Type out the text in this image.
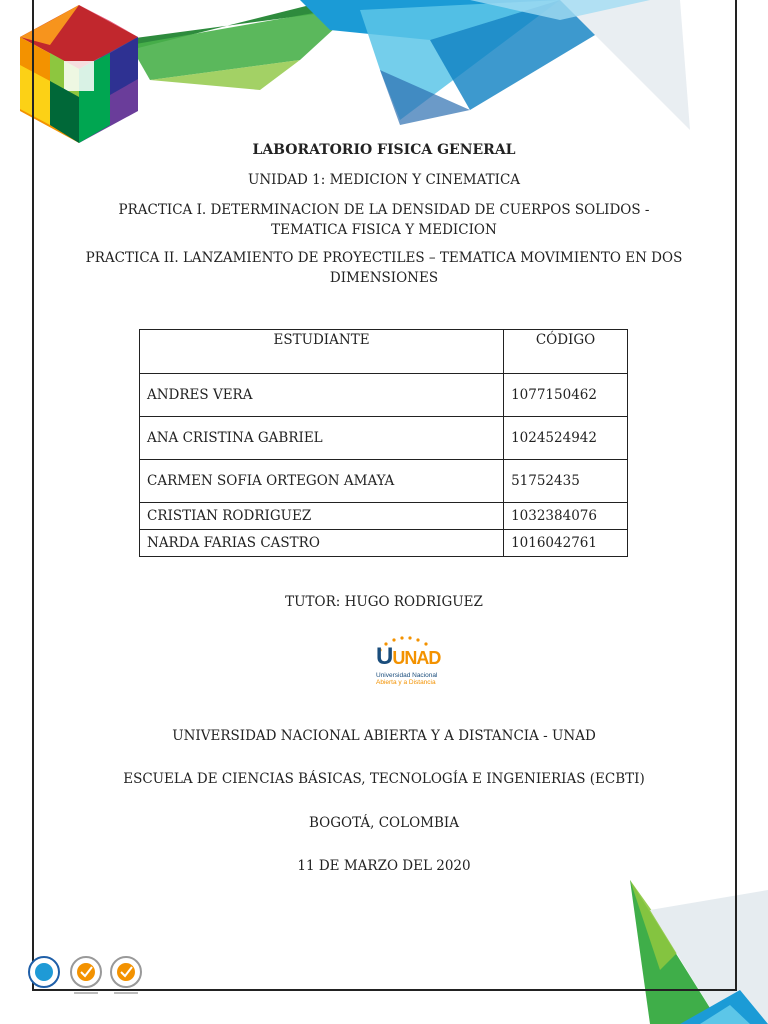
LABORATORIO FISICA GENERAL
UNIDAD 1: MEDICION Y CINEMATICA
PRACTICA I. DETERMINACION DE LA DENSIDAD DE CUERPOS SOLIDOS -
TEMATICA FISICA Y MEDICION
PRACTICA II. LANZAMIENTO DE PROYECTILES – TEMATICA MOVIMIENTO EN DOS
DIMENSIONES
ESTUDIANTE	CÓDIGO
ANDRES VERA	1077150462
ANA CRISTINA GABRIEL	1024524942
CARMEN SOFIA ORTEGON AMAYA	51752435
CRISTIAN RODRIGUEZ	1032384076
NARDA FARIAS CASTRO	1016042761
TUTOR: HUGO RODRIGUEZ
UUNAD
Universidad Nacional
Abierta y a Distancia
UNIVERSIDAD NACIONAL ABIERTA Y A DISTANCIA - UNAD
ESCUELA DE CIENCIAS BÁSICAS, TECNOLOGÍA E INGENIERIAS (ECBTI)
BOGOTÁ, COLOMBIA
11 DE MARZO DEL 2020
